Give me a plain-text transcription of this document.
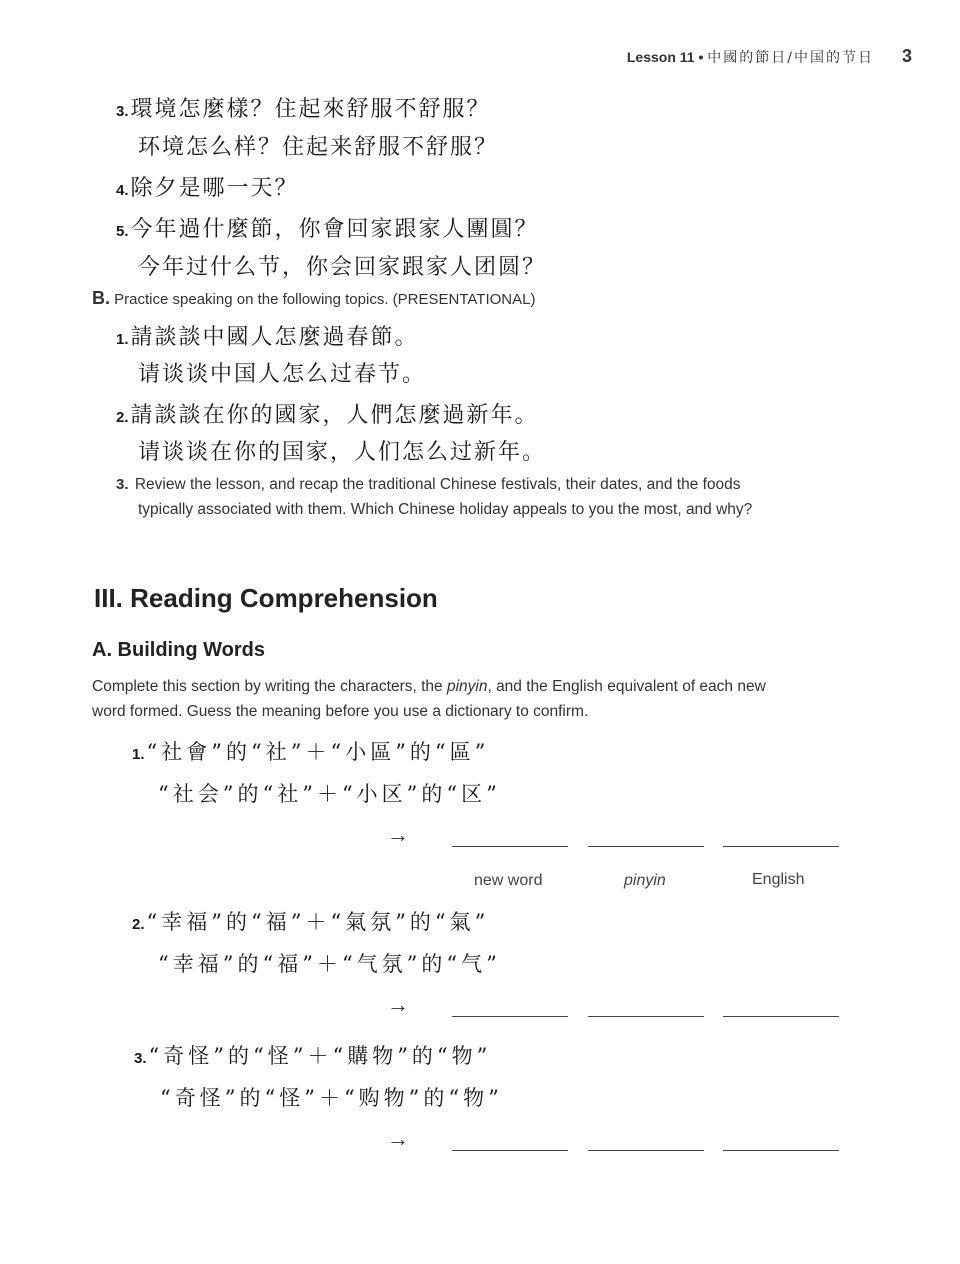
Lesson 11 • 中國的節日/中国的节日 3
3.環境怎麼樣？住起來舒服不舒服？
环境怎么样？住起来舒服不舒服？
4.除夕是哪一天？
5.今年過什麼節，你會回家跟家人團圓？
今年过什么节，你会回家跟家人团圆？
B. Practice speaking on the following topics. (PRESENTATIONAL)
1.請談談中國人怎麼過春節。
请谈谈中国人怎么过春节。
2.請談談在你的國家，人們怎麼過新年。
请谈谈在你的国家，人们怎么过新年。
3. Review the lesson, and recap the traditional Chinese festivals, their dates, and the foods
typically associated with them. Which Chinese holiday appeals to you the most, and why?
III. Reading Comprehension
A. Building Words
Complete this section by writing the characters, the pinyin, and the English equivalent of each new
word formed. Guess the meaning before you use a dictionary to confirm.
1.“社會”的“社”＋“小區”的“區”
“社会”的“社”＋“小区”的“区”
→
new word	pinyin	English
2.“幸福”的“福”＋“氣氛”的“氣”
“幸福”的“福”＋“气氛”的“气”
→
3.“奇怪”的“怪”＋“購物”的“物”
“奇怪”的“怪”＋“购物”的“物”
→
